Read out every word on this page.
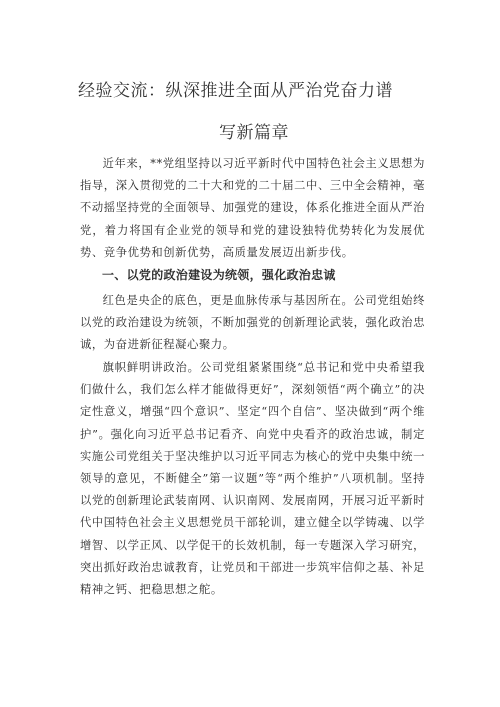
经验交流：纵深推进全面从严治党奋力谱
写新篇章

近年来，**党组坚持以习近平新时代中国特色社会主义思想为指导，深入贯彻党的二十大和党的二十届二中、三中全会精神，毫不动摇坚持党的全面领导、加强党的建设，体系化推进全面从严治党，着力将国有企业党的领导和党的建设独特优势转化为发展优势、竞争优势和创新优势，高质量发展迈出新步伐。

一、以党的政治建设为统领，强化政治忠诚

红色是央企的底色，更是血脉传承与基因所在。公司党组始终以党的政治建设为统领，不断加强党的创新理论武装，强化政治忠诚，为奋进新征程凝心聚力。

旗帜鲜明讲政治。公司党组紧紧围绕“总书记和党中央希望我们做什么，我们怎么样才能做得更好”，深刻领悟“两个确立”的决定性意义，增强“四个意识”、坚定“四个自信”、坚决做到“两个维护”。强化向习近平总书记看齐、向党中央看齐的政治忠诚，制定实施公司党组关于坚决维护以习近平同志为核心的党中央集中统一领导的意见，不断健全”第一议题”等“两个维护”八项机制。坚持以党的创新理论武装南网、认识南网、发展南网，开展习近平新时代中国特色社会主义思想党员干部轮训，建立健全以学铸魂、以学增智、以学正风、以学促干的长效机制，每一专题深入学习研究，突出抓好政治忠诚教育，让党员和干部进一步筑牢信仰之基、补足精神之钙、把稳思想之舵。
